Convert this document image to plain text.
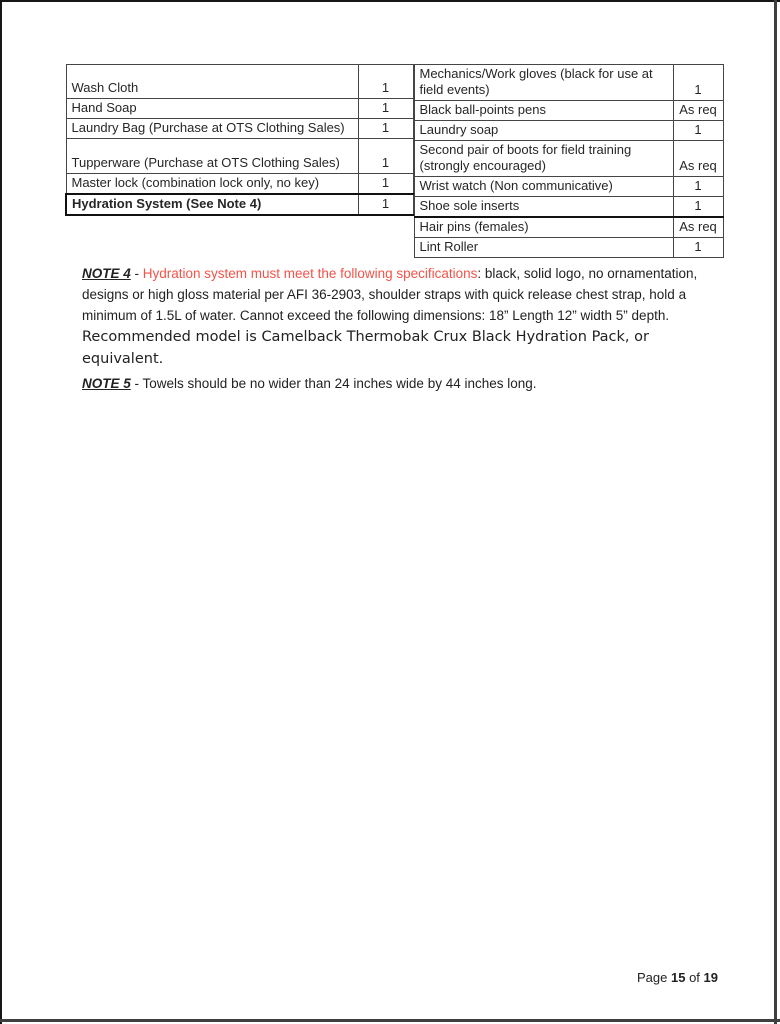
Wash Cloth	1
Hand Soap	1
Laundry Bag (Purchase at OTS Clothing Sales)	1
Tupperware (Purchase at OTS Clothing Sales)	1
Master lock (combination lock only, no key)	1
Hydration System (See Note 4)	1
Mechanics/Work gloves (black for use at field events)	1
Black ball-points pens	As req
Laundry soap	1
Second pair of boots for field training (strongly encouraged)	As req
Wrist watch (Non communicative)	1
Shoe sole inserts	1
Hair pins (females)	As req
Lint Roller	1
NOTE 4 - Hydration system must meet the following specifications: black, solid logo, no ornamentation, designs or high gloss material per AFI 36-2903, shoulder straps with quick release chest strap, hold a minimum of 1.5L of water. Cannot exceed the following dimensions: 18” Length 12” width 5” depth. Recommended model is Camelback Thermobak Crux Black Hydration Pack, or equivalent.
NOTE 5 - Towels should be no wider than 24 inches wide by 44 inches long.
Page 15 of 19
